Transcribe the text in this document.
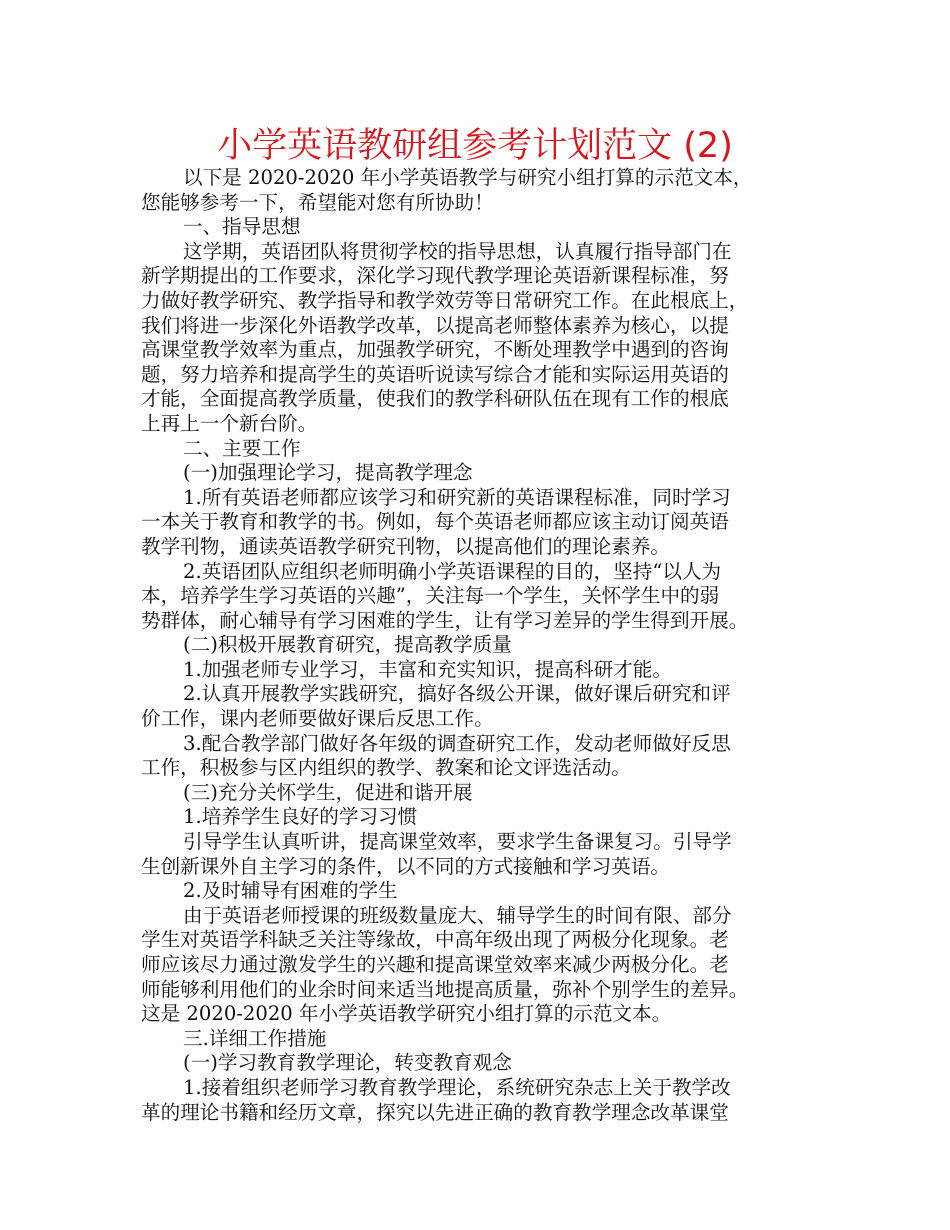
小学英语教研组参考计划范文 (2)
以下是 2020-2020 年小学英语教学与研究小组打算的示范文本，
您能够参考一下，希望能对您有所协助！
一、指导思想
这学期，英语团队将贯彻学校的指导思想，认真履行指导部门在
新学期提出的工作要求，深化学习现代教学理论英语新课程标准，努
力做好教学研究、教学指导和教学效劳等日常研究工作。在此根底上，
我们将进一步深化外语教学改革，以提高老师整体素养为核心，以提
高课堂教学效率为重点，加强教学研究，不断处理教学中遇到的咨询
题，努力培养和提高学生的英语听说读写综合才能和实际运用英语的
才能，全面提高教学质量，使我们的教学科研队伍在现有工作的根底
上再上一个新台阶。
二、主要工作
(一)加强理论学习，提高教学理念
1.所有英语老师都应该学习和研究新的英语课程标准，同时学习
一本关于教育和教学的书。例如，每个英语老师都应该主动订阅英语
教学刊物，通读英语教学研究刊物，以提高他们的理论素养。
2.英语团队应组织老师明确小学英语课程的目的，坚持“以人为
本，培养学生学习英语的兴趣”，关注每一个学生，关怀学生中的弱
势群体，耐心辅导有学习困难的学生，让有学习差异的学生得到开展。
(二)积极开展教育研究，提高教学质量
1.加强老师专业学习，丰富和充实知识，提高科研才能。
2.认真开展教学实践研究，搞好各级公开课，做好课后研究和评
价工作，课内老师要做好课后反思工作。
3.配合教学部门做好各年级的调查研究工作，发动老师做好反思
工作，积极参与区内组织的教学、教案和论文评选活动。
(三)充分关怀学生，促进和谐开展
1.培养学生良好的学习习惯
引导学生认真听讲，提高课堂效率，要求学生备课复习。引导学
生创新课外自主学习的条件，以不同的方式接触和学习英语。
2.及时辅导有困难的学生
由于英语老师授课的班级数量庞大、辅导学生的时间有限、部分
学生对英语学科缺乏关注等缘故，中高年级出现了两极分化现象。老
师应该尽力通过激发学生的兴趣和提高课堂效率来减少两极分化。老
师能够利用他们的业余时间来适当地提高质量，弥补个别学生的差异。
这是 2020-2020 年小学英语教学研究小组打算的示范文本。
三.详细工作措施
(一)学习教育教学理论，转变教育观念
1.接着组织老师学习教育教学理论，系统研究杂志上关于教学改
革的理论书籍和经历文章，探究以先进正确的教育教学理念改革课堂
